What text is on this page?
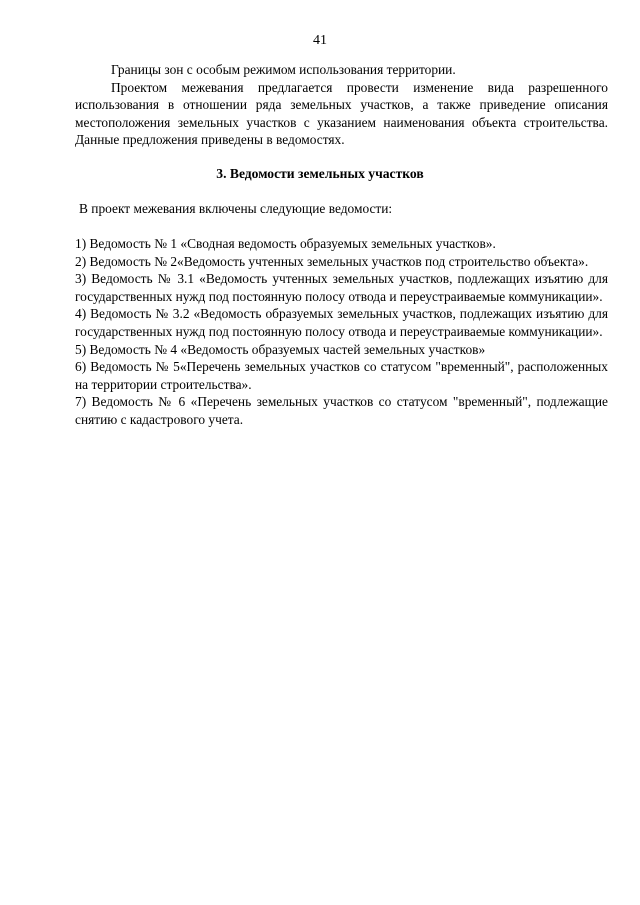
41

Границы зон с особым режимом использования территории.

Проектом межевания предлагается провести изменение вида разрешенного использования в отношении ряда земельных участков, а также приведение описания местоположения земельных участков с указанием наименования объекта строительства. Данные предложения приведены в ведомостях.

3. Ведомости земельных участков
В проект межевания включены следующие ведомости:

1) Ведомость № 1 «Сводная ведомость образуемых земельных участков».

2) Ведомость № 2«Ведомость учтенных земельных участков под строительство объекта».

3) Ведомость № 3.1 «Ведомость учтенных земельных участков, подлежащих изъятию для государственных нужд под постоянную полосу отвода и переустраиваемые коммуникации».

4) Ведомость № 3.2 «Ведомость образуемых земельных участков, подлежащих изъятию для государственных нужд под постоянную полосу отвода и переустраиваемые коммуникации».

5) Ведомость № 4 «Ведомость образуемых частей земельных участков»

6) Ведомость № 5«Перечень земельных участков со статусом "временный", расположенных на территории строительства».

7) Ведомость № 6 «Перечень земельных участков со статусом "временный", подлежащие снятию с кадастрового учета.
